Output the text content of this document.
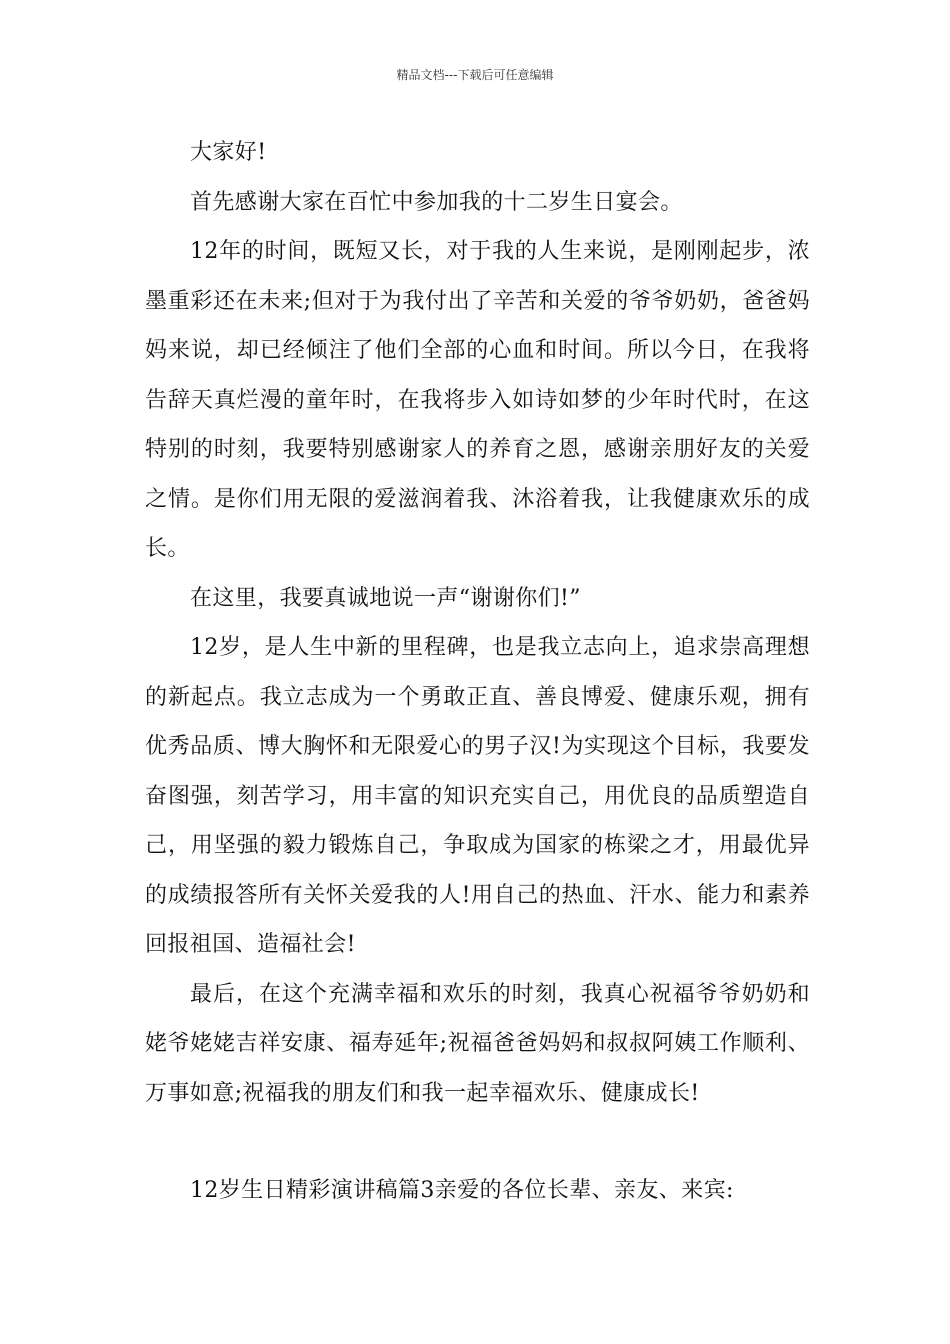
精品文档---下载后可任意编辑

大家好!

首先感谢大家在百忙中参加我的十二岁生日宴会。

12年的时间，既短又长，对于我的人生来说，是刚刚起步，浓墨重彩还在未来;但对于为我付出了辛苦和关爱的爷爷奶奶，爸爸妈妈来说，却已经倾注了他们全部的心血和时间。所以今日，在我将告辞天真烂漫的童年时，在我将步入如诗如梦的少年时代时，在这特别的时刻，我要特别感谢家人的养育之恩，感谢亲朋好友的关爱之情。是你们用无限的爱滋润着我、沐浴着我，让我健康欢乐的成长。

在这里，我要真诚地说一声“谢谢你们!”

12岁，是人生中新的里程碑，也是我立志向上，追求崇高理想的新起点。我立志成为一个勇敢正直、善良博爱、健康乐观，拥有优秀品质、博大胸怀和无限爱心的男子汉!为实现这个目标，我要发奋图强，刻苦学习，用丰富的知识充实自己，用优良的品质塑造自己，用坚强的毅力锻炼自己，争取成为国家的栋梁之才，用最优异的成绩报答所有关怀关爱我的人!用自己的热血、汗水、能力和素养回报祖国、造福社会!

最后，在这个充满幸福和欢乐的时刻，我真心祝福爷爷奶奶和姥爷姥姥吉祥安康、福寿延年;祝福爸爸妈妈和叔叔阿姨工作顺利、万事如意;祝福我的朋友们和我一起幸福欢乐、健康成长!

12岁生日精彩演讲稿篇3亲爱的各位长辈、亲友、来宾:
